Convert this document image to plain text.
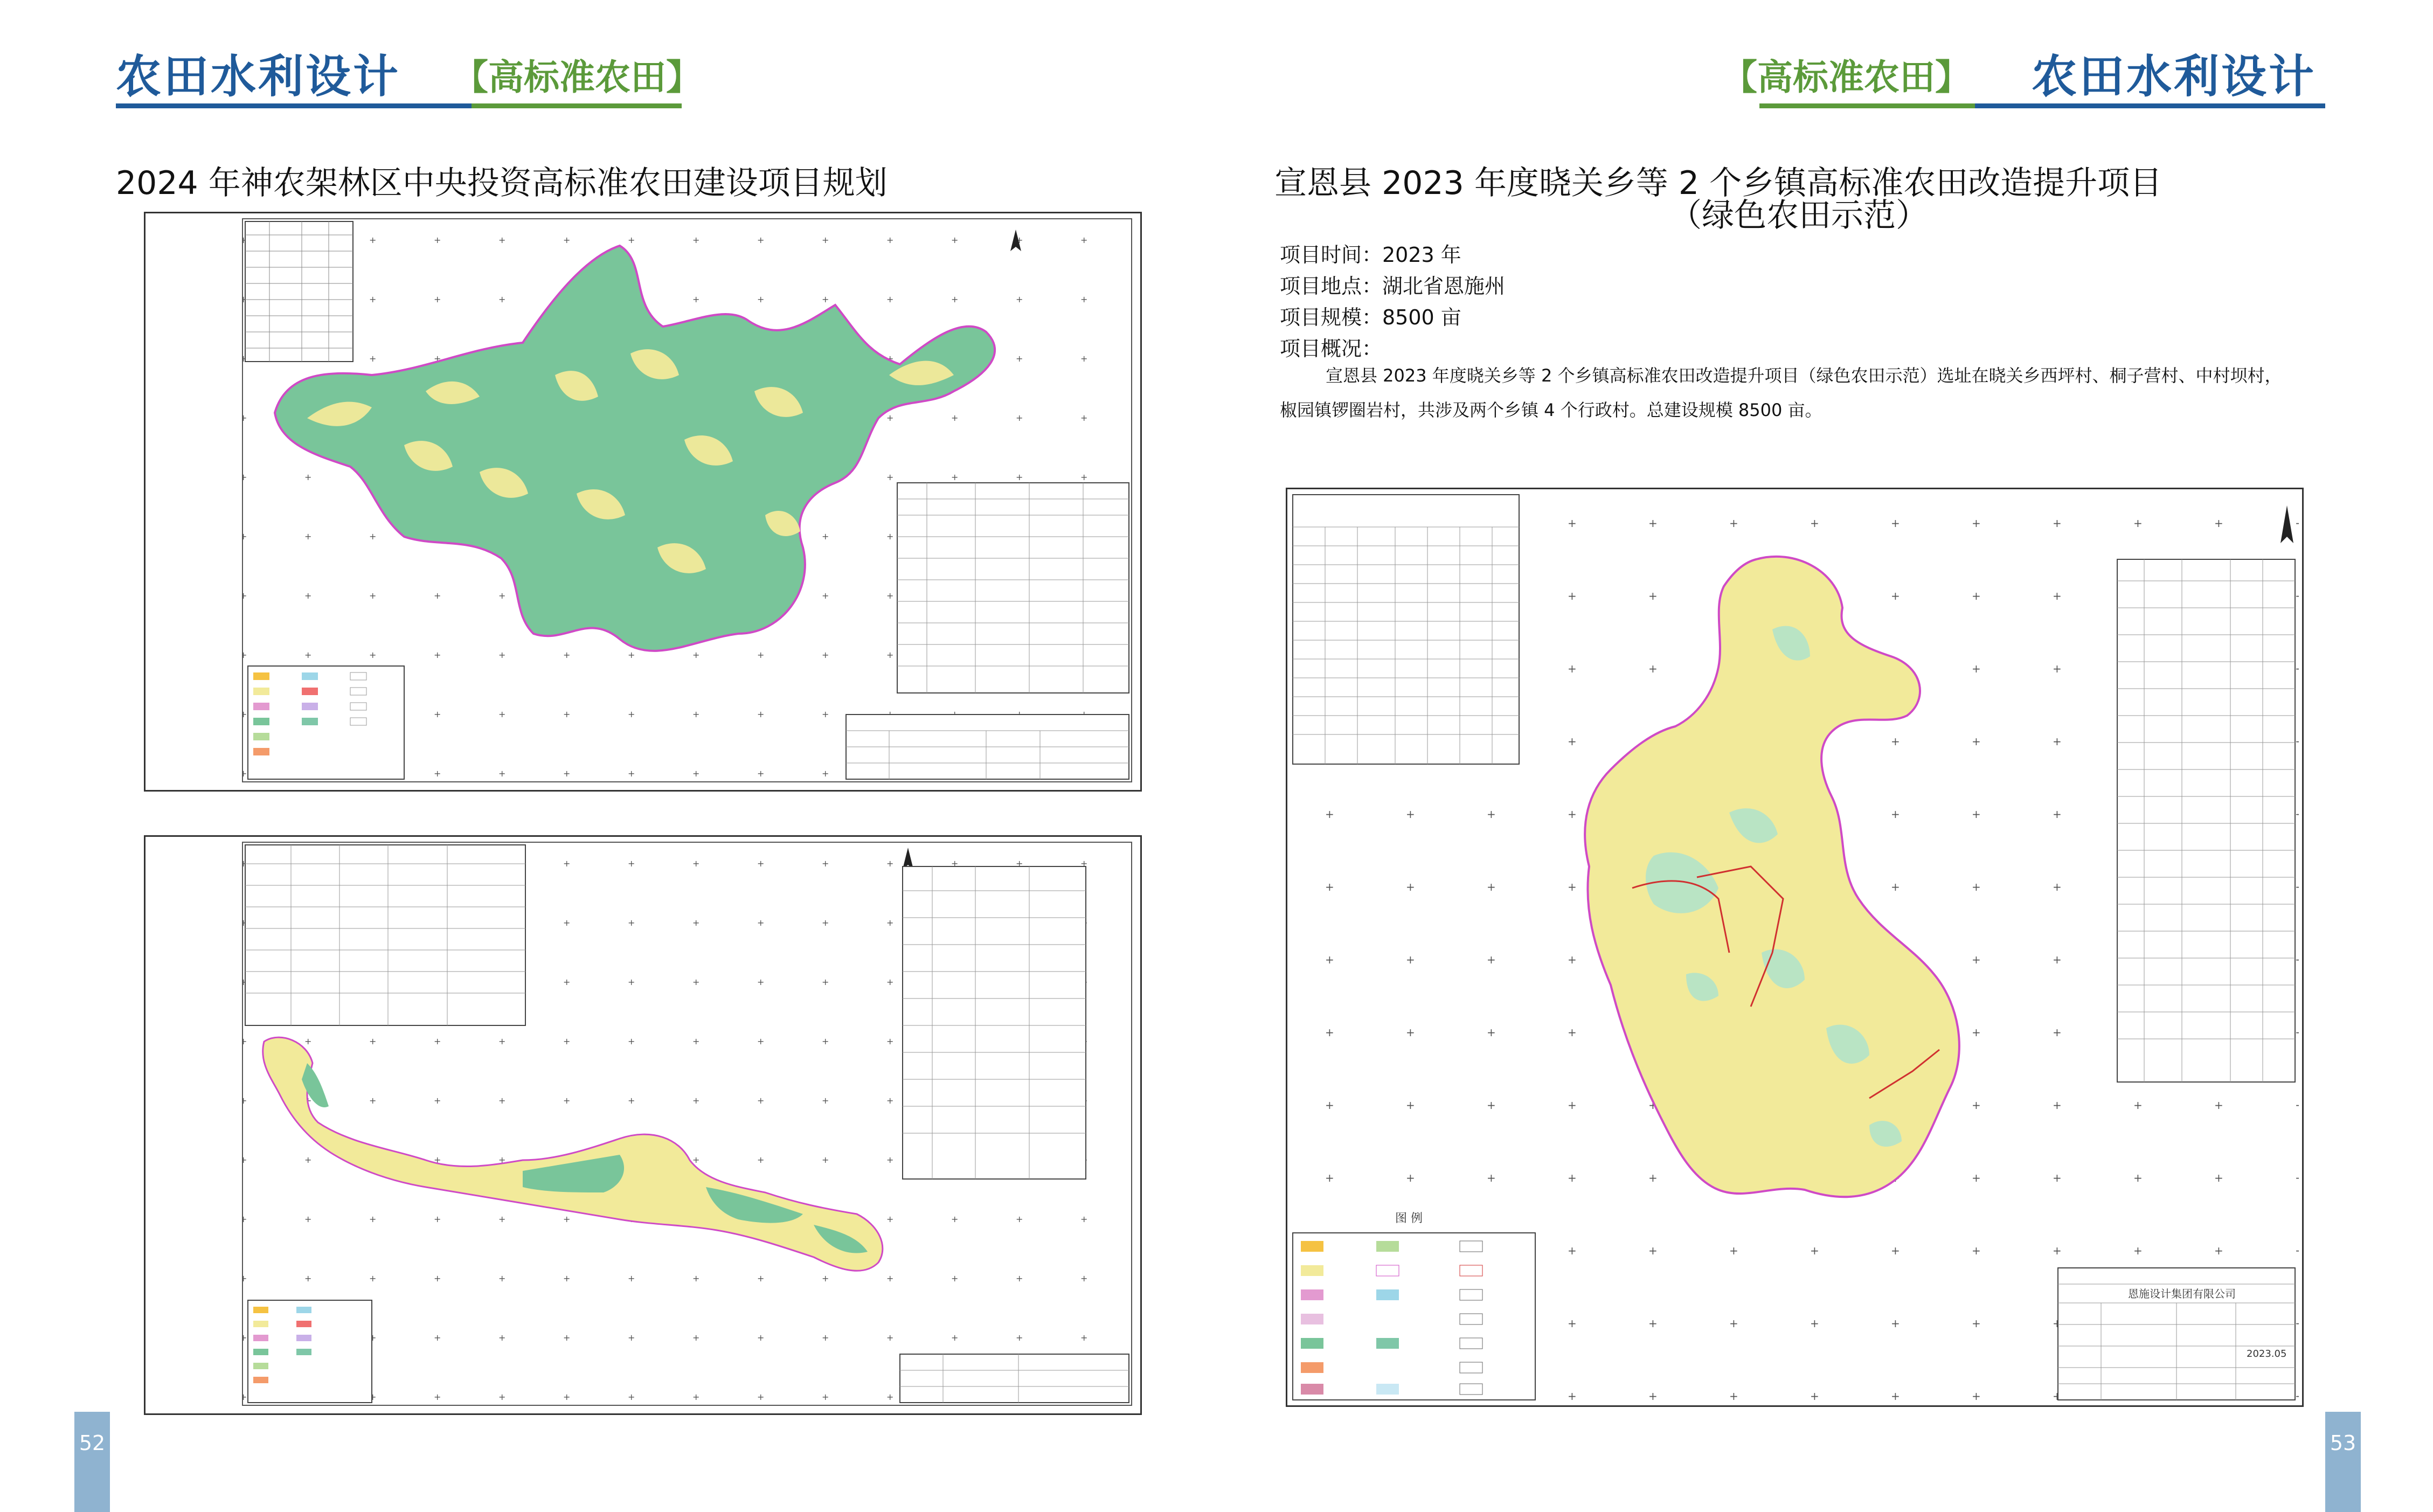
农田水利设计 【高标准农田】	【高标准农田】 农田水利设计
2024 年神农架林区中央投资高标准农田建设项目规划
52
宣恩县 2023 年度晓关乡等 2 个乡镇高标准农田改造提升项目
（绿色农田示范）
项目时间：2023 年
项目地点：湖北省恩施州
项目规模：8500 亩
项目概况：
宣恩县 2023 年度晓关乡等 2 个乡镇高标准农田改造提升项目（绿色农田示范）选址在晓关乡西坪村、桐子营村、中村坝村，
椒园镇锣圈岩村，共涉及两个乡镇 4 个行政村。总建设规模 8500 亩。
图 例
恩施设计集团有限公司
2023.05
53
